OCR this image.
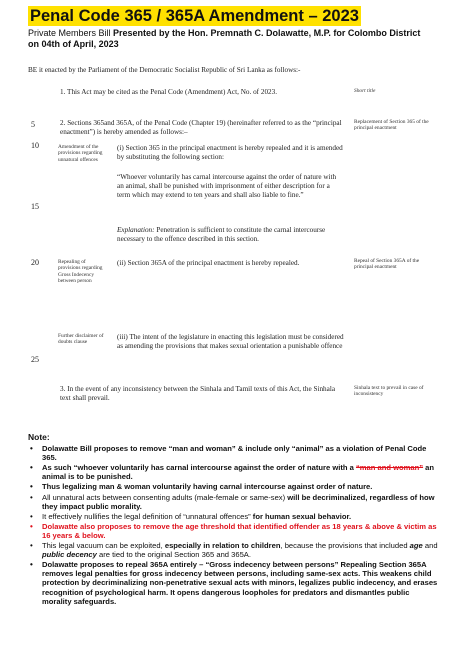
Penal Code 365 / 365A Amendment – 2023
Private Members Bill Presented by the Hon. Premnath C. Dolawatte, M.P. for Colombo District on 04th of April, 2023
BE it enacted by the Parliament of the Democratic Socialist Republic of Sri Lanka as follows:-
1. This Act may be cited as the Penal Code (Amendment) Act, No. of 2023.	Short title
5
10
15
20
25
2. Sections 365and 365A, of the Penal Code (Chapter 19) (hereinafter referred to as the “principal enactment”) is hereby amended as follows:–
Replacement of Section 365 of the principal enactment
Amendment of the provisions regarding unnatural offences
(i) Section 365 in the principal enactment is hereby repealed and it is amended by substituting the following section:
“Whoever voluntarily has carnal intercourse against the order of nature with an animal, shall be punished with imprisonment of either description for a term which may extend to ten years and shall also liable to fine.”
Explanation: Penetration is sufficient to constitute the carnal intercourse necessary to the offence described in this section.
Repealing of provisions regarding Gross Indecency between person
(ii) Section 365A of the principal enactment is hereby repealed.	Repeal of Section 365A of the principal enactment
Further disclaimer of doubts clause
(iii) The intent of the legislature in enacting this legislation must be considered as amending the provisions that makes sexual orientation a punishable offence
3. In the event of any inconsistency between the Sinhala and Tamil texts of this Act, the Sinhala text shall prevail.
Sinhala text to prevail in case of inconsistency
Note:
• Dolawatte Bill proposes to remove “man and woman” & include only “animal” as a violation of Penal Code 365.
• As such “whoever voluntarily has carnal intercourse against the order of nature with a “man and woman” an animal is to be punished.
• Thus legalizing man & woman voluntarily having carnal intercourse against order of nature.
• All unnatural acts between consenting adults (male-female or same-sex) will be decriminalized, regardless of how they impact public morality.
• It effectively nullifies the legal definition of “unnatural offences” for human sexual behavior.
• Dolawatte also proposes to remove the age threshold that identified offender as 18 years & above & victim as 16 years & below.
• This legal vacuum can be exploited, especially in relation to children, because the provisions that included age and public decency are tied to the original Section 365 and 365A.
• Dolawatte proposes to repeal 365A entirely – “Gross indecency between persons” Repealing Section 365A removes legal penalties for gross indecency between persons, including same-sex acts. This weakens child protection by decriminalizing non-penetrative sexual acts with minors, legalizes public indecency, and erases recognition of psychological harm. It opens dangerous loopholes for predators and dismantles public morality safeguards.
